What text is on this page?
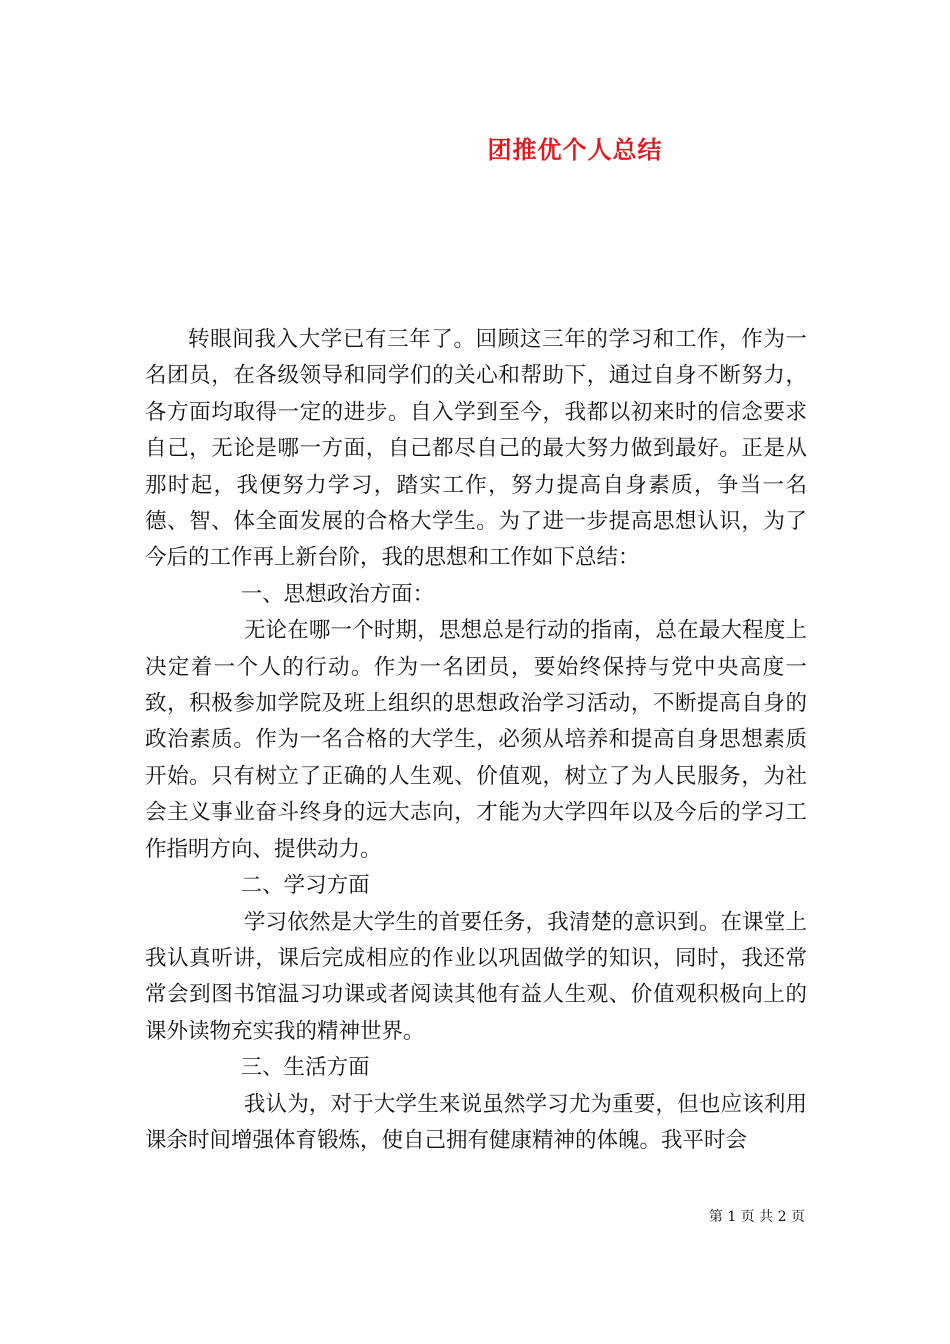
团推优个人总结

转眼间我入大学已有三年了。回顾这三年的学习和工作，作为一名团员，在各级领导和同学们的关心和帮助下，通过自身不断努力，各方面均取得一定的进步。自入学到至今，我都以初来时的信念要求自己，无论是哪一方面，自己都尽自己的最大努力做到最好。正是从那时起，我便努力学习，踏实工作，努力提高自身素质，争当一名德、智、体全面发展的合格大学生。为了进一步提高思想认识，为了今后的工作再上新台阶，我的思想和工作如下总结：

一、思想政治方面：

无论在哪一个时期，思想总是行动的指南，总在最大程度上决定着一个人的行动。作为一名团员，要始终保持与党中央高度一致，积极参加学院及班上组织的思想政治学习活动，不断提高自身的政治素质。作为一名合格的大学生，必须从培养和提高自身思想素质开始。只有树立了正确的人生观、价值观，树立了为人民服务，为社会主义事业奋斗终身的远大志向，才能为大学四年以及今后的学习工作指明方向、提供动力。

二、学习方面

学习依然是大学生的首要任务，我清楚的意识到。在课堂上我认真听讲，课后完成相应的作业以巩固做学的知识，同时，我还常常会到图书馆温习功课或者阅读其他有益人生观、价值观积极向上的课外读物充实我的精神世界。

三、生活方面

我认为，对于大学生来说虽然学习尤为重要，但也应该利用课余时间增强体育锻炼，使自己拥有健康精神的体魄。我平时会

第 1 页 共 2 页
